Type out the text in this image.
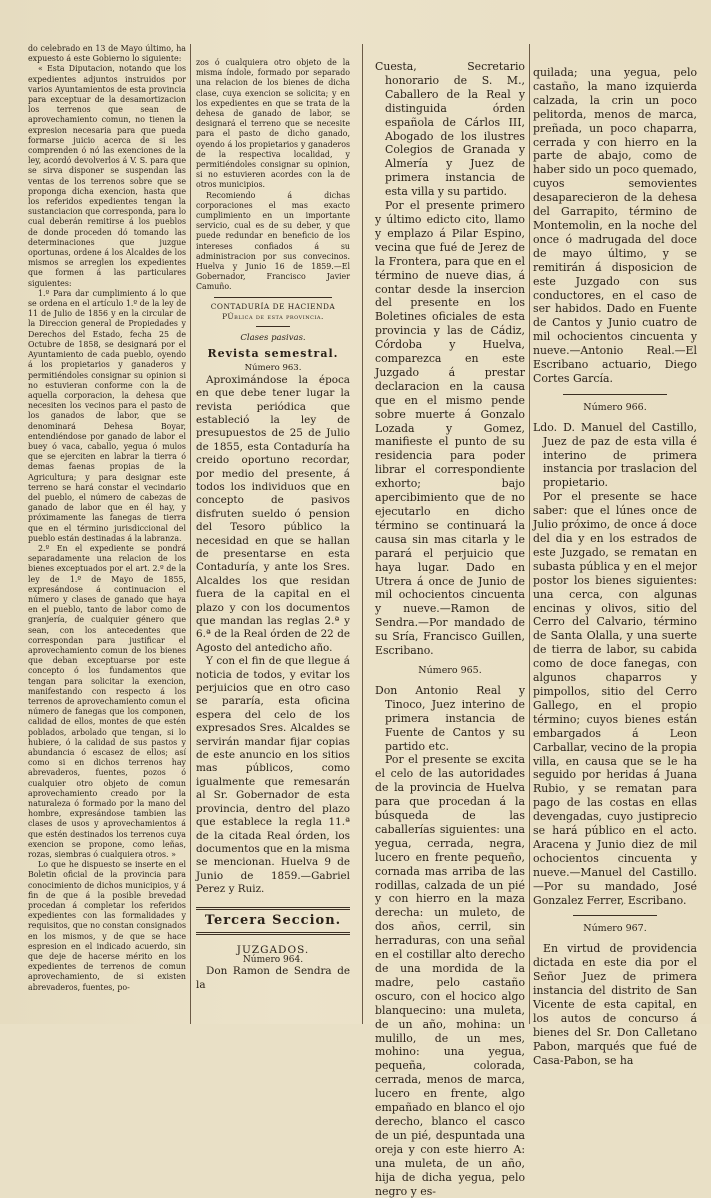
do celebrado en 13 de Mayo último, ha expuesto á este Gobierno lo siguiente:

« Esta Diputacion, notando que los expedientes adjuntos instruidos por varios Ayuntamientos de esta provincia para exceptuar de la desamortizacion los terrenos que sean de aprovechamiento comun, no tienen la expresion necesaria para que pueda formarse juicio acerca de si les comprenden ó nó las exenciones de la ley, acordó devolverlos á V. S. para que se sirva disponer se suspendan las ventas de los terrenos sobre que se proponga dicha exencion, hasta que los referidos expedientes tengan la sustanciacion que corresponda, para lo cual deberán remitirse á los pueblos de donde proceden dó tomando las determinaciones que juzgue oportunas, ordene á los Alcaldes de los mismos se arreglen los expedientes que formen á las particulares siguientes:

1.º Para dar cumplimiento á lo que se ordena en el artículo 1.º de la ley de 11 de Julio de 1856 y en la circular de la Direccion general de Propiedades y Derechos del Estado, fecha 25 de Octubre de 1858, se designará por el Ayuntamiento de cada pueblo, oyendo á los propietarios y ganaderos y permitiéndoles consignar su opinion si no estuvieran conforme con la de aquella corporacion, la dehesa que necesiten los vecinos para el pasto de los ganados de labor, que se denominará Dehesa Boyar, entendiéndose por ganado de labor el buey ó vaca, caballo, yegua ó mulos que se ejerciten en labrar la tierra ó demas faenas propias de la Agricultura; y para designar este terreno se hará constar el vecindario del pueblo, el número de cabezas de ganado de labor que en él hay, y próximamente las fanegas de tierra que en el término jurisdiccional del pueblo están destinadas á la labranza.

2.º En el expediente se pondrá separadamente una relacion de los bienes exceptuados por el art. 2.º de la ley de 1.º de Mayo de 1855, expresándose á continuacion el número y clases de ganado que haya en el pueblo, tanto de labor como de granjería, de cualquier género que sean, con los antecedentes que correspondan para justificar el aprovechamiento comun de los bienes que deban exceptuarse por este concepto ó los fundamentos que tengan para solicitar la exencion, manifestando con respecto á los terrenos de aprovechamiento comun el número de fanegas que los componen, calidad de ellos, montes de que estén poblados, arbolado que tengan, si lo hubiere, ó la calidad de sus pastos y abundancia ó escasez de ellos; así como si en dichos terrenos hay abrevaderos, fuentes, pozos ó cualquier otro objeto de comun aprovechamiento creado por la naturaleza ó formado por la mano del hombre, expresándose tambien las clases de usos y aprovechamientos á que estén destinados los terrenos cuya exencion se propone, como leñas, rozas, siembras ó cualquiera otros. »

Lo que he dispuesto se inserte en el Boletin oficial de la provincia para conocimiento de dichos municipios, y á fin de que á la posible brevedad procedan á completar los referidos expedientes con las formalidades y requisitos, que no constan consignados en los mismos, y de que se hace espresion en el indicado acuerdo, sin que deje de hacerse mérito en los expedientes de terrenos de comun aprovechamiento, de si existen abrevaderos, fuentes, po-

zos ó cualquiera otro objeto de la misma índole, formado por separado una relacion de los bienes de dicha clase, cuya exencion se solicita; y en los expedientes en que se trata de la dehesa de ganado de labor, se designará el terreno que se necesite para el pasto de dicho ganado, oyendo á los propietarios y ganaderos de la respectiva localidad, y permitiéndoles consignar su opinion, si no estuvieren acordes con la de otros municipios.

Recomiendo á dichas corporaciones el mas exacto cumplimiento en un importante servicio, cual es de su deber, y que puede redundar en beneficio de los intereses confiados á su administracion por sus convecinos. Huelva y Junio 16 de 1859.—El Gobernador, Francisco Javier Camuño.

CONTADURÍA DE HACIENDA PÚblica de esta provincia.

Clases pasivas.

Revista semestral.

Número 963.

Aproximándose la época en que debe tener lugar la revista periódica que estableció la ley de presupuestos de 25 de Julio de 1855, esta Contaduría ha creido oportuno recordar, por medio del presente, á todos los individuos que en concepto de pasivos disfruten sueldo ó pension del Tesoro público la necesidad en que se hallan de presentarse en esta Contaduría, y ante los Sres. Alcaldes los que residan fuera de la capital en el plazo y con los documentos que mandan las reglas 2.ª y 6.ª de la Real órden de 22 de Agosto del antedicho año.

Y con el fin de que llegue á noticia de todos, y evitar los perjuicios que en otro caso se pararía, esta oficina espera del celo de los expresados Sres. Alcaldes se servirán mandar fijar copias de este anuncio en los sitios mas públicos, como igualmente que remesarán al Sr. Gobernador de esta provincia, dentro del plazo que establece la regla 11.ª de la citada Real órden, los documentos que en la misma se mencionan. Huelva 9 de Junio de 1859.—Gabriel Perez y Ruiz.

Tercera Seccion.

JUZGADOS.

Número 964.

Don Ramon de Sendra de la

Cuesta, Secretario honorario de S. M., Caballero de la Real y distinguida órden española de Cárlos III, Abogado de los ilustres Colegios de Granada y Almería y Juez de primera instancia de esta villa y su partido.

Por el presente primero y último edicto cito, llamo y emplazo á Pilar Espino, vecina que fué de Jerez de la Frontera, para que en el término de nueve dias, á contar desde la insercion del presente en los Boletines oficiales de esta provincia y las de Cádiz, Córdoba y Huelva, comparezca en este Juzgado á prestar declaracion en la causa que en el mismo pende sobre muerte á Gonzalo Lozada y Gomez, manifieste el punto de su residencia para poder librar el correspondiente exhorto; bajo apercibimiento que de no ejecutarlo en dicho término se continuará la causa sin mas citarla y le parará el perjuicio que haya lugar. Dado en Utrera á once de Junio de mil ochocientos cincuenta y nueve.—Ramon de Sendra.—Por mandado de su Sría, Francisco Guillen, Escribano.

Número 965.

Don Antonio Real y Tinoco, Juez interino de primera instancia de Fuente de Cantos y su partido etc.

Por el presente se excita el celo de las autoridades de la provincia de Huelva para que procedan á la búsqueda de las caballerías siguientes: una yegua, cerrada, negra, lucero en frente pequeño, cornada mas arriba de las rodillas, calzada de un pié y con hierro en la maza derecha: un muleto, de dos años, cerril, sin herraduras, con una señal en el costillar alto derecho de una mordida de la madre, pelo castaño oscuro, con el hocico algo blanquecino: una muleta, de un año, mohina: un mulillo, de un mes, mohino: una yegua, pequeña, colorada, cerrada, menos de marca, lucero en frente, algo empañado en blanco el ojo derecho, blanco el casco de un pié, despuntada una oreja y con este hierro A: una muleta, de un año, hija de dicha yegua, pelo negro y es-

quilada; una yegua, pelo castaño, la mano izquierda calzada, la crin un poco pelitorda, menos de marca, preñada, un poco chaparra, cerrada y con hierro en la parte de abajo, como de haber sido un poco quemado, cuyos semovientes desaparecieron de la dehesa del Garrapito, término de Montemolin, en la noche del once ó madrugada del doce de mayo último, y se remitirán á disposicion de este Juzgado con sus conductores, en el caso de ser habidos. Dado en Fuente de Cantos y Junio cuatro de mil ochocientos cincuenta y nueve.—Antonio Real.—El Escribano actuario, Diego Cortes García.

Número 966.

Ldo. D. Manuel del Castillo, Juez de paz de esta villa é interino de primera instancia por traslacion del propietario.

Por el presente se hace saber: que el lúnes once de Julio próximo, de once á doce del dia y en los estrados de este Juzgado, se rematan en subasta pública y en el mejor postor los bienes siguientes: una cerca, con algunas encinas y olivos, sitio del Cerro del Calvario, término de Santa Olalla, y una suerte de tierra de labor, su cabida como de doce fanegas, con algunos chaparros y pimpollos, sitio del Cerro Gallego, en el propio término; cuyos bienes están embargados á Leon Carballar, vecino de la propia villa, en causa que se le ha seguido por heridas á Juana Rubio, y se rematan para pago de las costas en ellas devengadas, cuyo justiprecio se hará público en el acto. Aracena y Junio diez de mil ochocientos cincuenta y nueve.—Manuel del Castillo.—Por su mandado, José Gonzalez Ferrer, Escribano.

Número 967.

En virtud de providencia dictada en este dia por el Señor Juez de primera instancia del distrito de San Vicente de esta capital, en los autos de concurso á bienes del Sr. Don Calletano Pabon, marqués que fué de Casa-Pabon, se ha
